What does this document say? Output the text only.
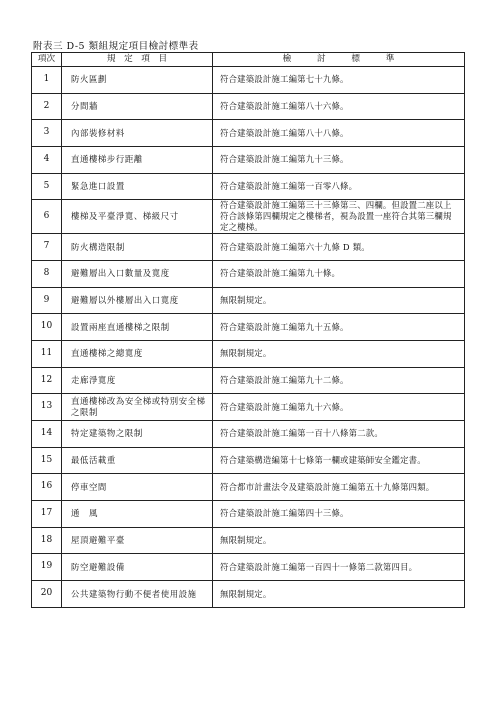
附表三 D-5 類組規定項目檢討標準表
項次	規　定　項　目	檢　　　討　　　標　　　準
1	防火區劃	符合建築設計施工編第七十九條。
2	分間牆	符合建築設計施工編第八十六條。
3	內部裝修材料	符合建築設計施工編第八十八條。
4	直通樓梯步行距離	符合建築設計施工編第九十三條。
5	緊急進口設置	符合建築設計施工編第一百零八條。
6	樓梯及平臺淨寬、梯級尺寸	符合建築設計施工編第三十三條第三、四欄。但設置二座以上符合該條第四欄規定之樓梯者，視為設置一座符合其第三欄規定之樓梯。
7	防火構造限制	符合建築設計施工編第六十九條 D 類。
8	避難層出入口數量及寬度	符合建築設計施工編第九十條。
9	避難層以外樓層出入口寬度	無限制規定。
10	設置兩座直通樓梯之限制	符合建築設計施工編第九十五條。
11	直通樓梯之總寬度	無限制規定。
12	走廊淨寬度	符合建築設計施工編第九十二條。
13	直通樓梯改為安全梯或特別安全梯之限制	符合建築設計施工編第九十六條。
14	特定建築物之限制	符合建築設計施工編第一百十八條第二款。
15	最低活載重	符合建築構造編第十七條第一欄或建築師安全鑑定書。
16	停車空間	符合都市計畫法令及建築設計施工編第五十九條第四類。
17	通　風	符合建築設計施工編第四十三條。
18	屋頂避難平臺	無限制規定。
19	防空避難設備	符合建築設計施工編第一百四十一條第二款第四目。
20	公共建築物行動不便者使用設施	無限制規定。
